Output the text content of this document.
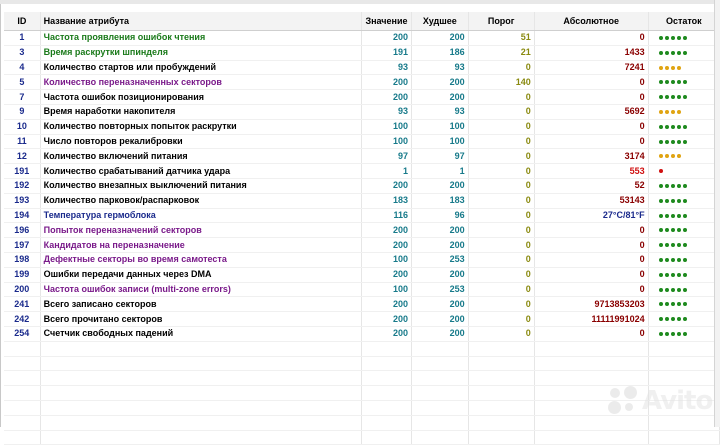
ID	Название атрибута	Значение	Худшее	Порог	Абсолютное	Остаток
1	Частота проявления ошибок чтения	200	200	51	0	
3	Время раскрутки шпинделя	191	186	21	1433	
4	Количество стартов или пробуждений	93	93	0	7241	
5	Количество переназначенных секторов	200	200	140	0	
7	Частота ошибок позиционирования	200	200	0	0	
9	Время наработки накопителя	93	93	0	5692	
10	Количество повторных попыток раскрутки	100	100	0	0	
11	Число повторов рекалибровки	100	100	0	0	
12	Количество включений питания	97	97	0	3174	
191	Количество срабатываний датчика удара	1	1	0	553	
192	Количество внезапных выключений питания	200	200	0	52	
193	Количество парковок/распарковок	183	183	0	53143	
194	Температура гермоблока	116	96	0	27°C/81°F	
196	Попыток переназначений секторов	200	200	0	0	
197	Кандидатов на переназначение	200	200	0	0	
198	Дефектные секторы во время самотеста	100	253	0	0	
199	Ошибки передачи данных через DMA	200	200	0	0	
200	Частота ошибок записи (multi-zone errors)	100	253	0	0	
241	Всего записано секторов	200	200	0	9713853203	
242	Всего прочитано секторов	200	200	0	11111991024	
254	Счетчик свободных падений	200	200	0	0	

Avito
